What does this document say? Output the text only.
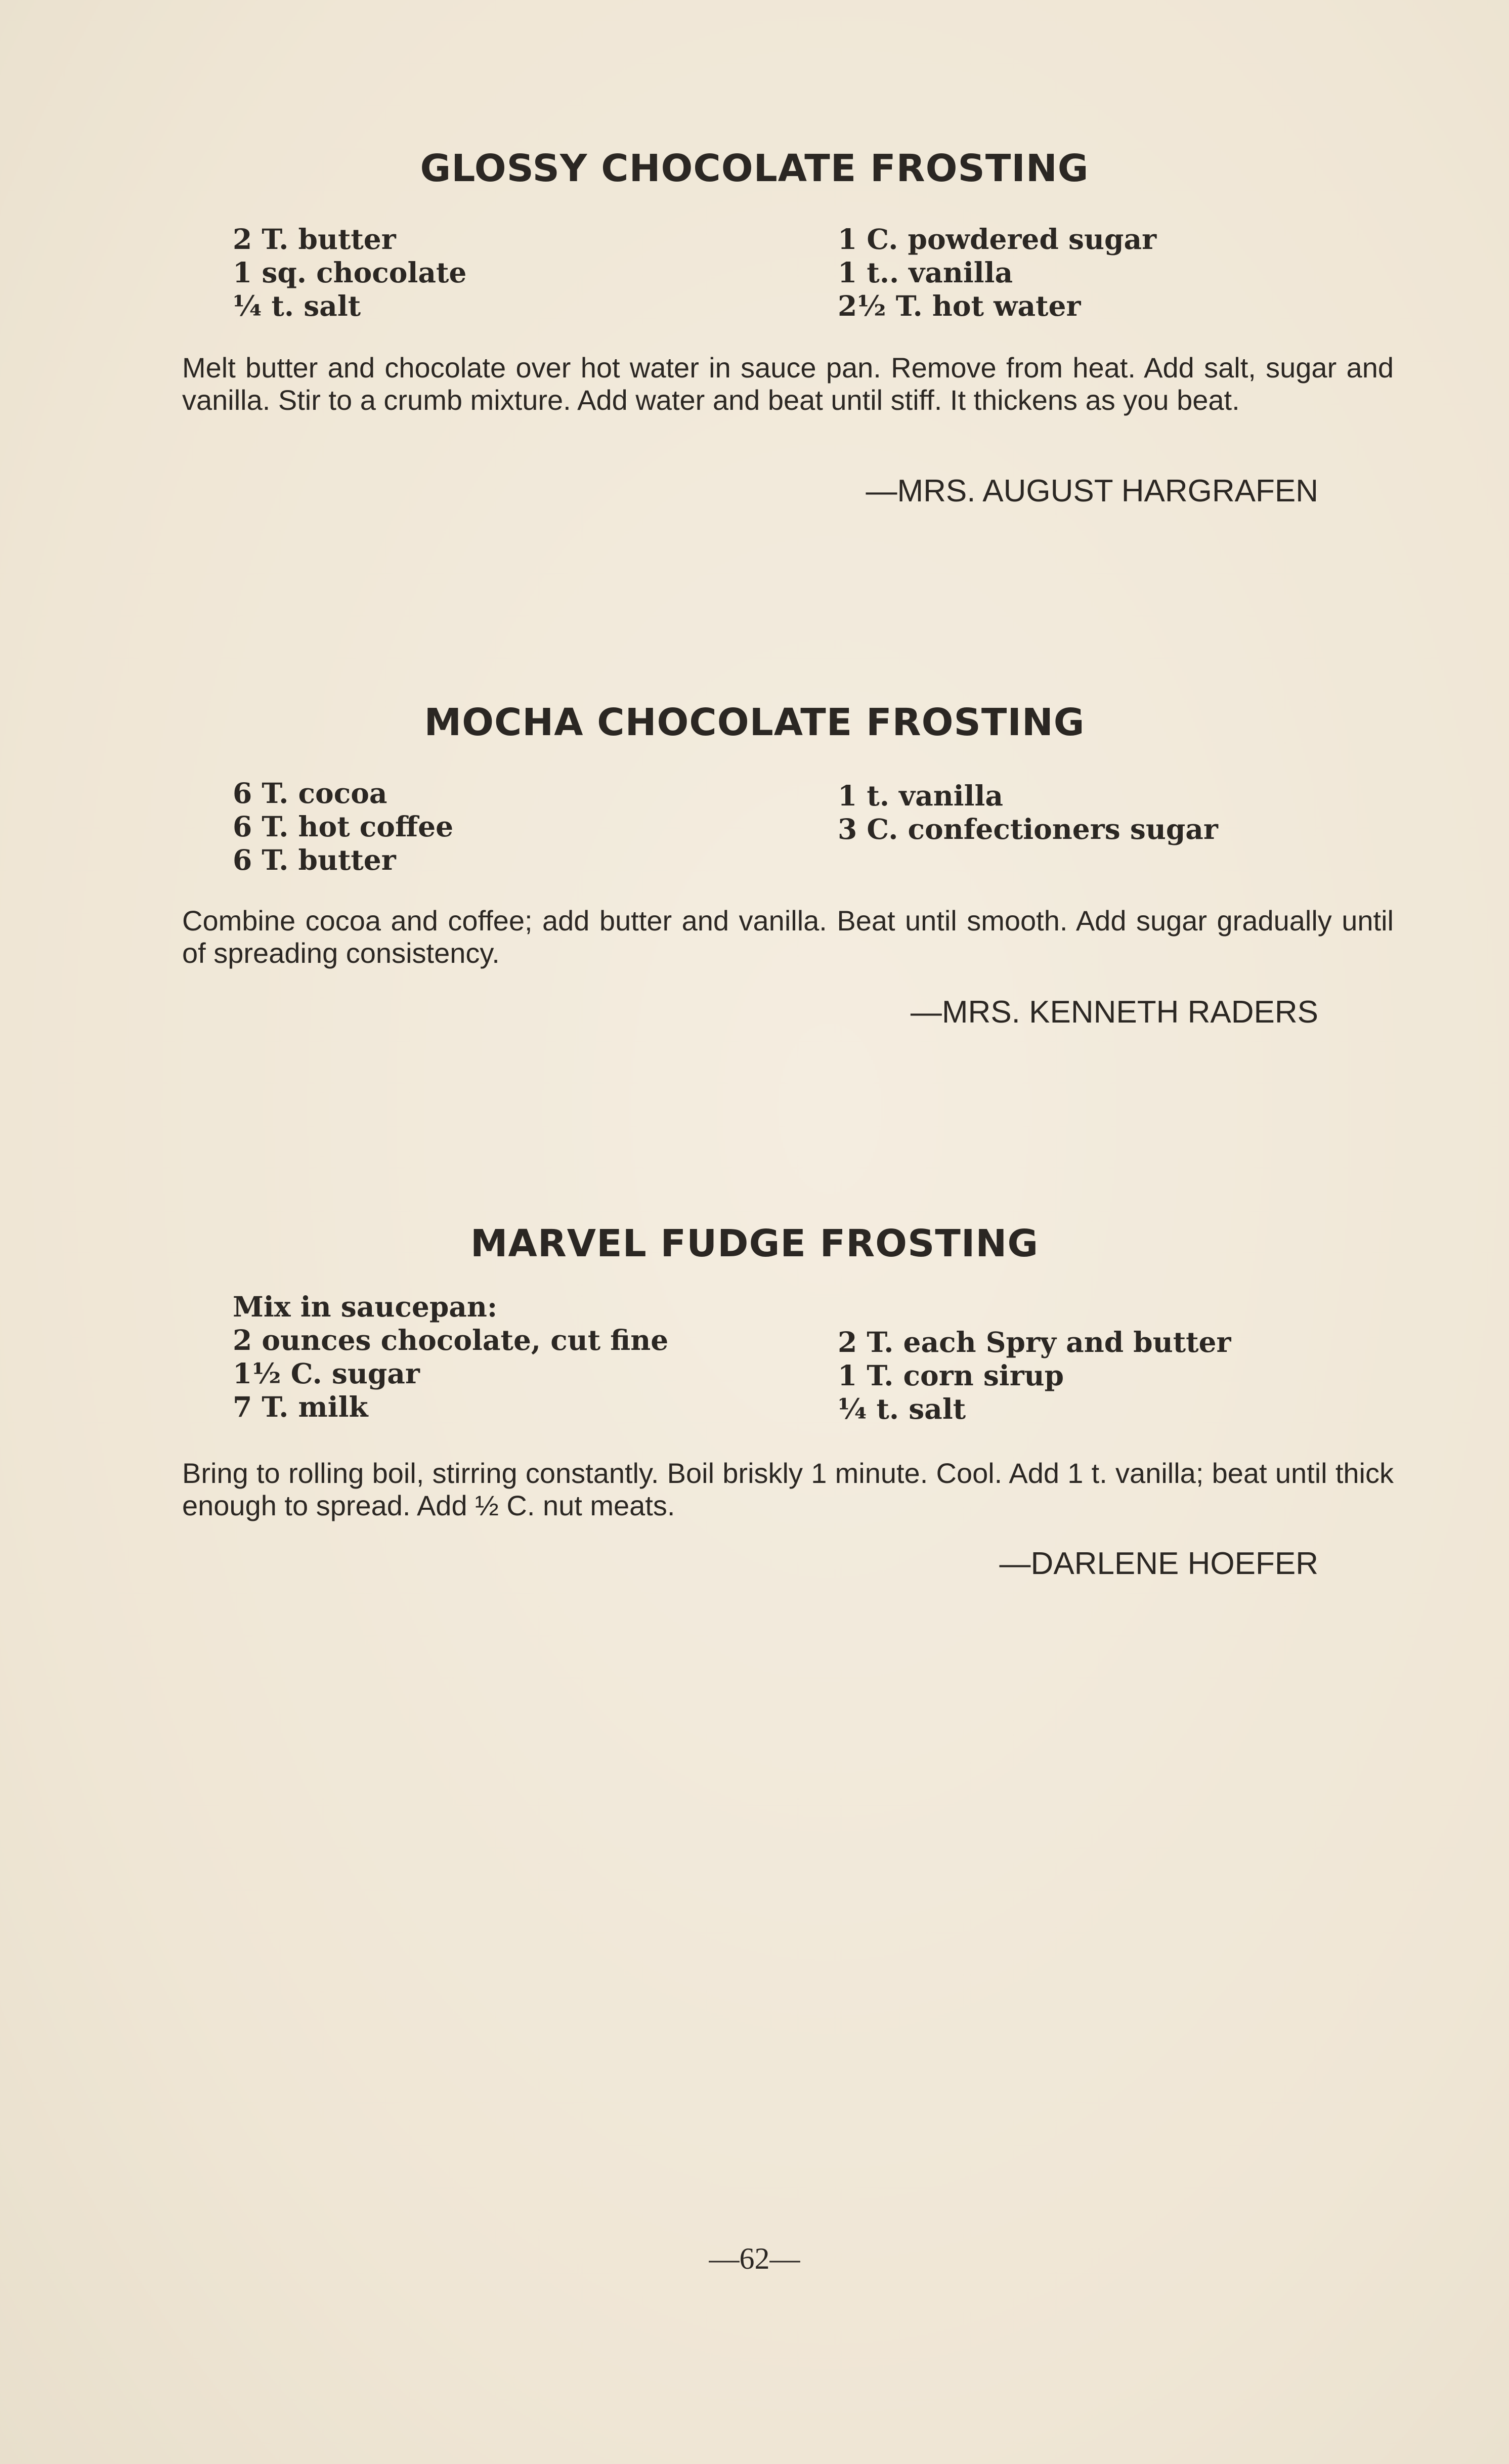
GLOSSY CHOCOLATE FROSTING
2 T. butter
1 sq. chocolate
¼ t. salt
1 C. powdered sugar
1 t.. vanilla
2½ T. hot water

Melt butter and chocolate over hot water in sauce pan. Remove from heat. Add salt, sugar and vanilla. Stir to a crumb mixture. Add water and beat until stiff. It thickens as you beat.

—MRS. AUGUST HARGRAFEN

MOCHA CHOCOLATE FROSTING
6 T. cocoa
6 T. hot coffee
6 T. butter
1 t. vanilla
3 C. confectioners sugar

Combine cocoa and coffee; add butter and vanilla. Beat until smooth. Add sugar gradually until of spreading consistency.

—MRS. KENNETH RADERS

MARVEL FUDGE FROSTING
Mix in saucepan:
2 ounces chocolate, cut fine
1½ C. sugar
7 T. milk
2 T. each Spry and butter
1 T. corn sirup
¼ t. salt

Bring to rolling boil, stirring constantly. Boil briskly 1 minute. Cool. Add 1 t. vanilla; beat until thick enough to spread. Add ½ C. nut meats.

—DARLENE HOEFER

—62—
